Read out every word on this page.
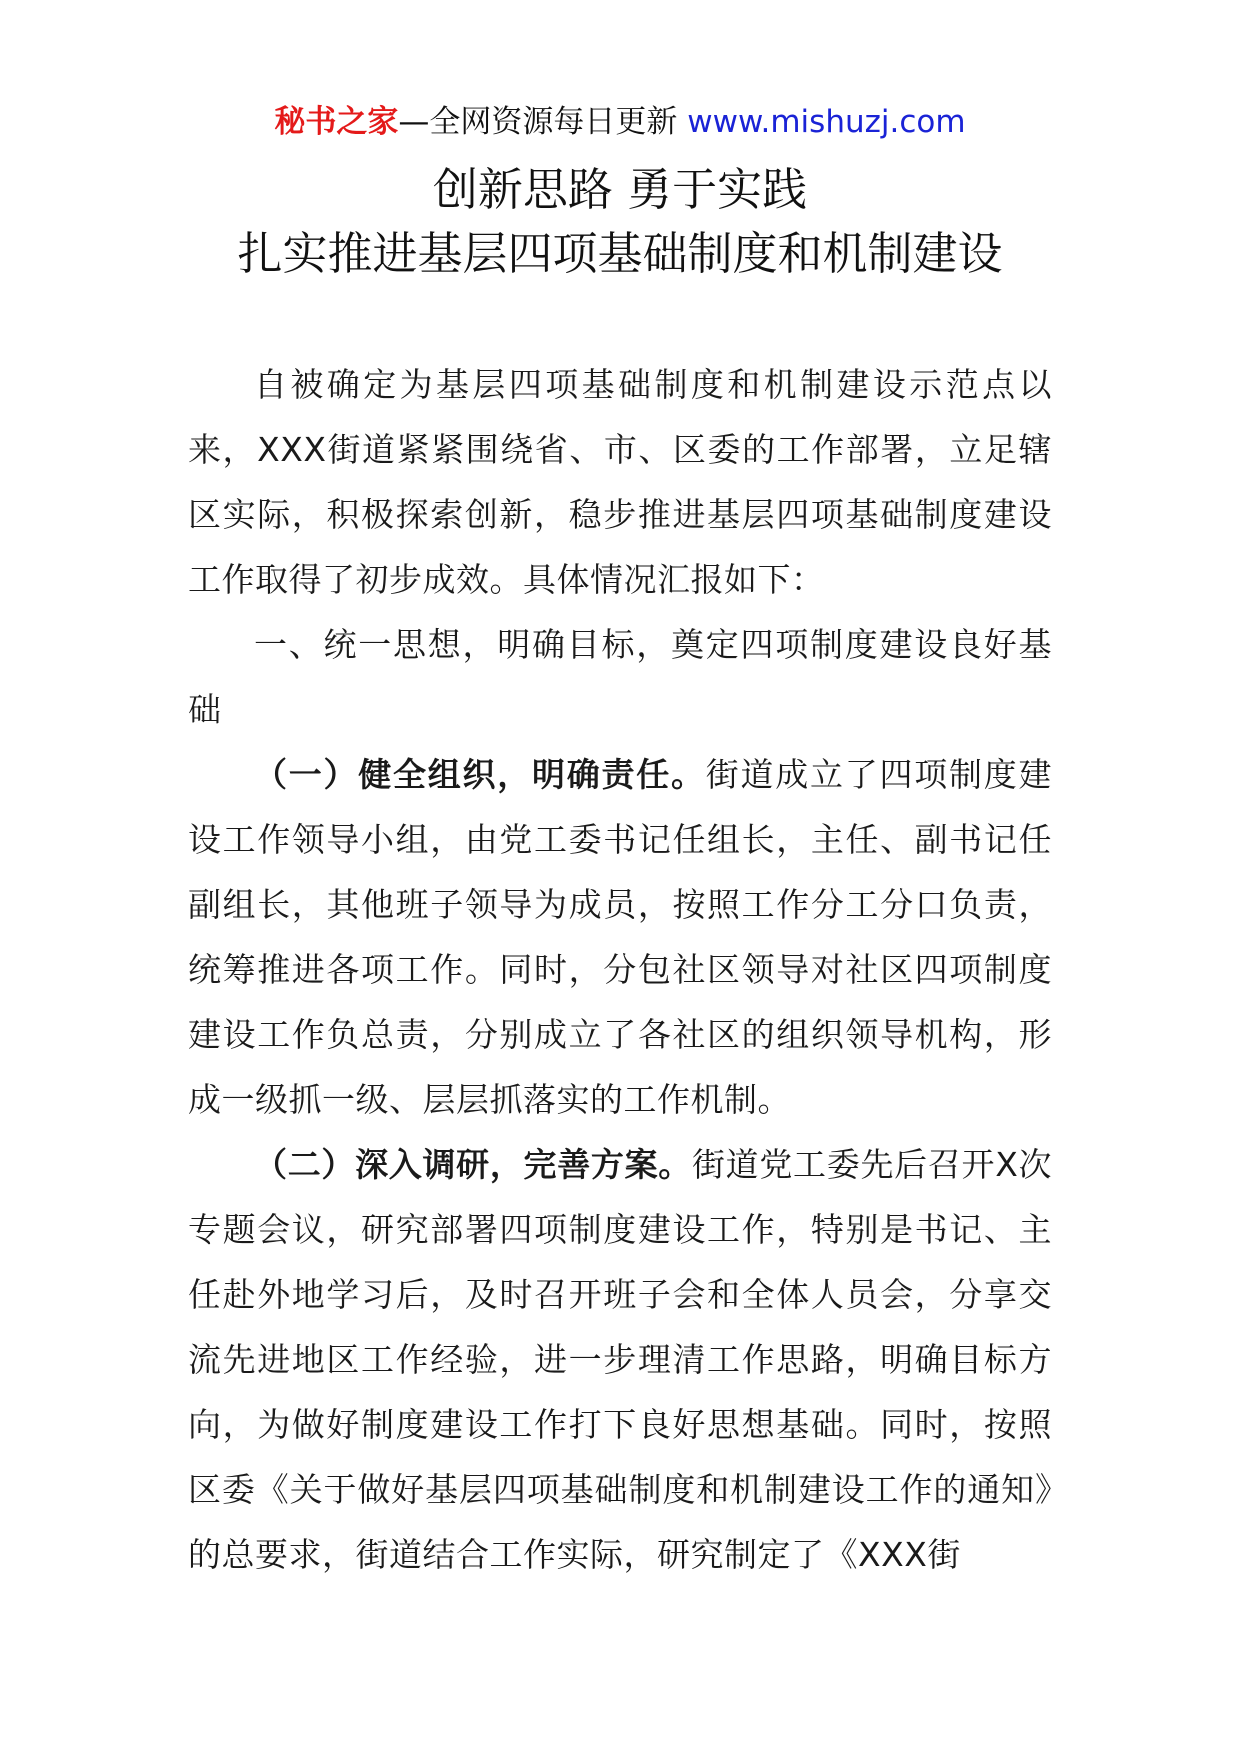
秘书之家—全网资源每日更新 www.mishuzj.com
创新思路 勇于实践
扎实推进基层四项基础制度和机制建设

自被确定为基层四项基础制度和机制建设示范点以来，XXX街道紧紧围绕省、市、区委的工作部署，立足辖区实际，积极探索创新，稳步推进基层四项基础制度建设工作取得了初步成效。具体情况汇报如下：

一、统一思想，明确目标，奠定四项制度建设良好基础

（一）健全组织，明确责任。街道成立了四项制度建设工作领导小组，由党工委书记任组长，主任、副书记任副组长，其他班子领导为成员，按照工作分工分口负责，统筹推进各项工作。同时，分包社区领导对社区四项制度建设工作负总责，分别成立了各社区的组织领导机构，形成一级抓一级、层层抓落实的工作机制。

（二）深入调研，完善方案。街道党工委先后召开X次专题会议，研究部署四项制度建设工作，特别是书记、主任赴外地学习后，及时召开班子会和全体人员会，分享交流先进地区工作经验，进一步理清工作思路，明确目标方向，为做好制度建设工作打下良好思想基础。同时，按照区委《关于做好基层四项基础制度和机制建设工作的通知》的总要求，街道结合工作实际，研究制定了《XXX街
